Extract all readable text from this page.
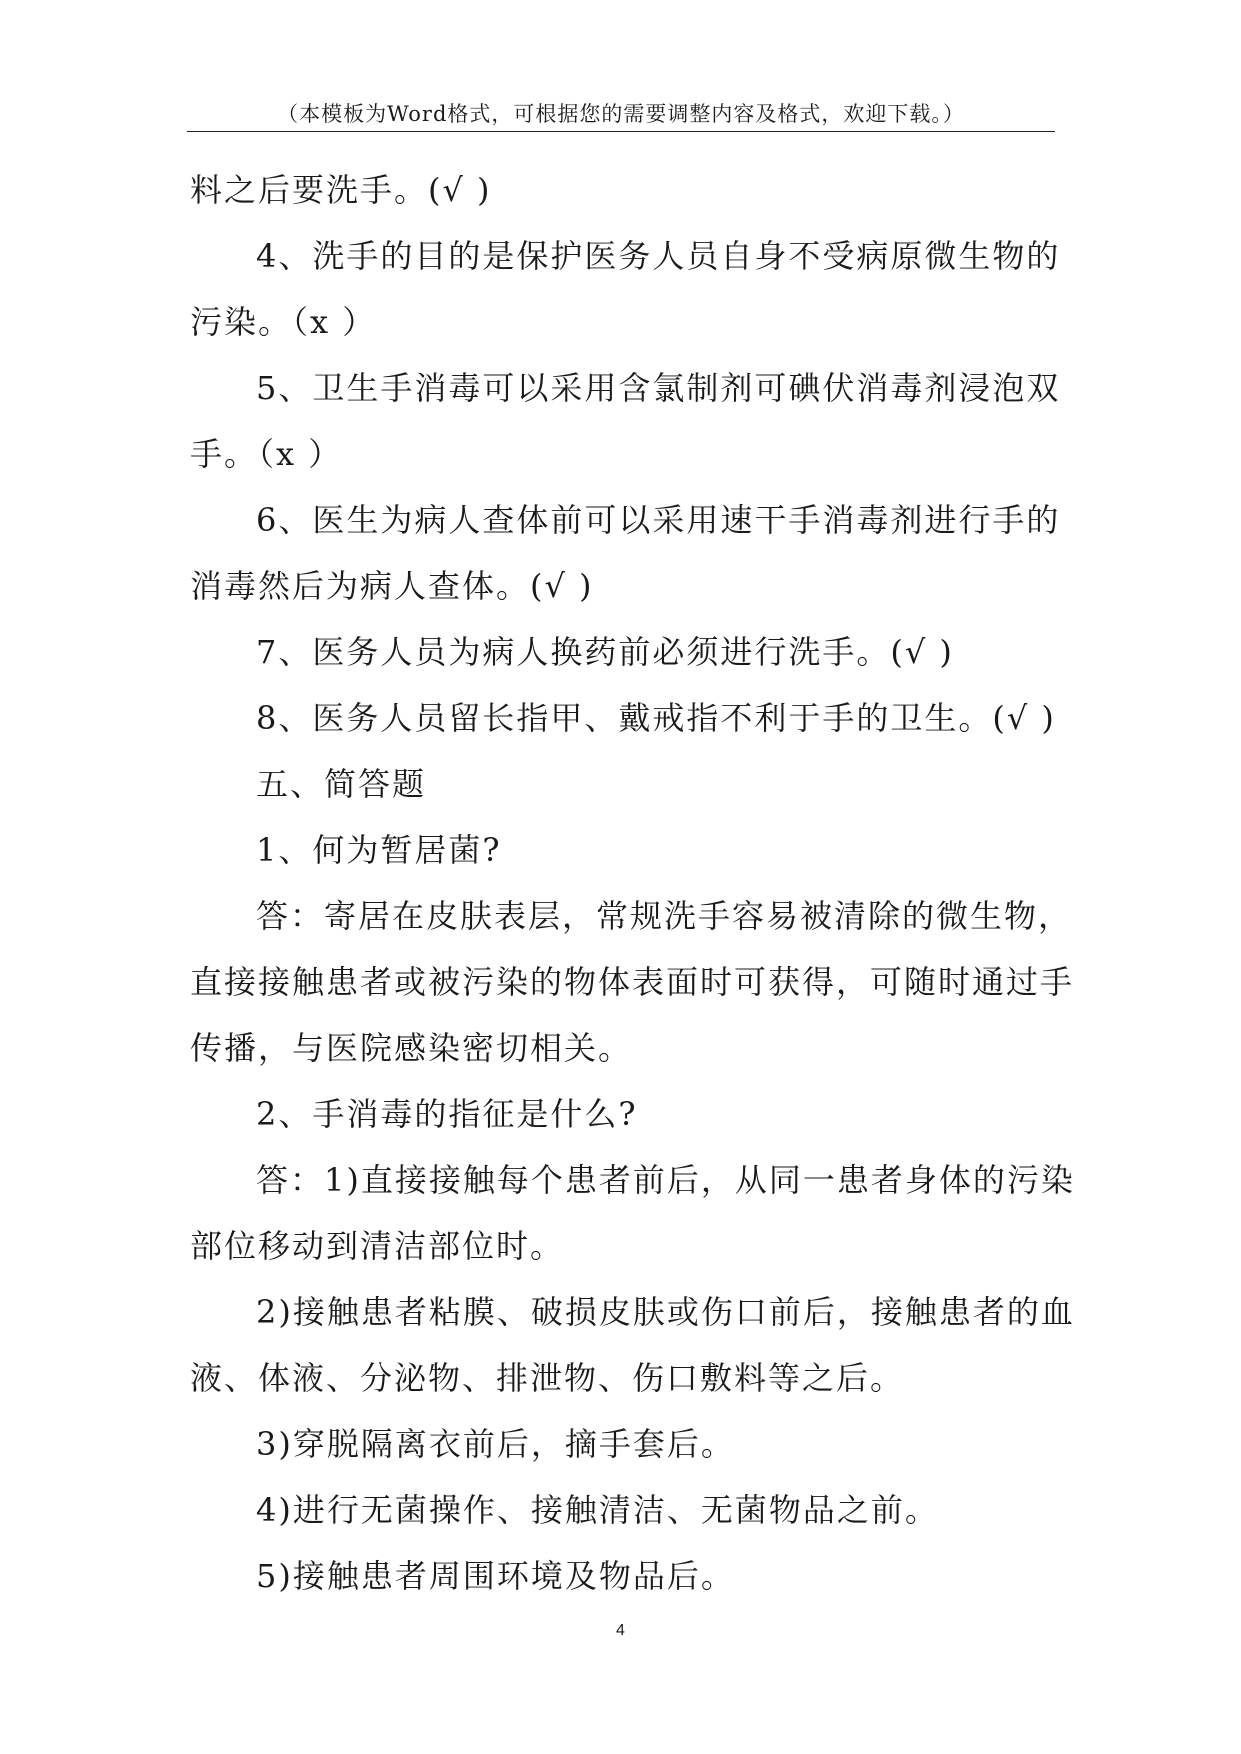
（本模板为Word格式，可根据您的需要调整内容及格式，欢迎下载。）
料之后要洗手。(√ )
4、洗手的目的是保护医务人员自身不受病原微生物的
污染。（x ）
5、卫生手消毒可以采用含氯制剂可碘伏消毒剂浸泡双
手。（x ）
6、医生为病人查体前可以采用速干手消毒剂进行手的
消毒然后为病人查体。(√ )
7、医务人员为病人换药前必须进行洗手。(√ )
8、医务人员留长指甲、戴戒指不利于手的卫生。(√ )
五、简答题
1、何为暂居菌?
答：寄居在皮肤表层，常规洗手容易被清除的微生物，
直接接触患者或被污染的物体表面时可获得，可随时通过手
传播，与医院感染密切相关。
2、手消毒的指征是什么?
答：1)直接接触每个患者前后，从同一患者身体的污染
部位移动到清洁部位时。
2)接触患者粘膜、破损皮肤或伤口前后，接触患者的血
液、体液、分泌物、排泄物、伤口敷料等之后。
3)穿脱隔离衣前后，摘手套后。
4)进行无菌操作、接触清洁、无菌物品之前。
5)接触患者周围环境及物品后。
4
